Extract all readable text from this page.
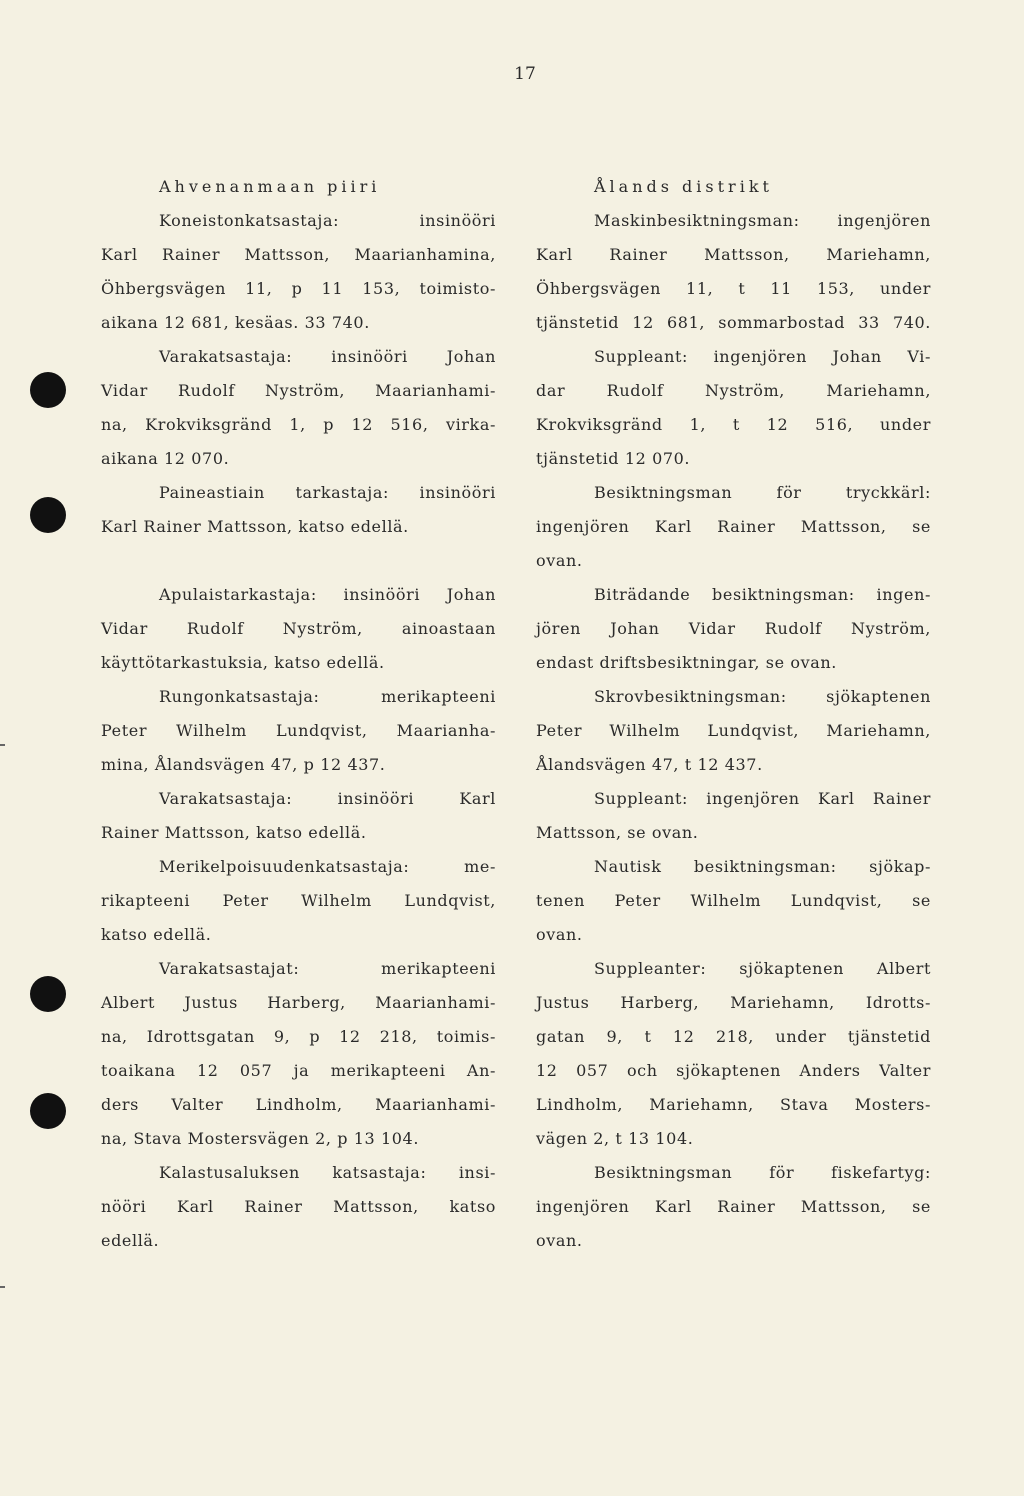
17
Ahvenanmaan piiri
Koneistonkatsastaja: insinööri
Karl Rainer Mattsson, Maarianhamina,
Öhbergsvägen 11, p 11 153, toimisto-
aikana 12 681, kesäas. 33 740.
Varakatsastaja: insinööri Johan
Vidar Rudolf Nyström, Maarianhami-
na, Krokviksgränd 1, p 12 516, virka-
aikana 12 070.
Paineastiain tarkastaja: insinööri
Karl Rainer Mattsson, katso edellä.
Apulaistarkastaja: insinööri Johan
Vidar Rudolf Nyström, ainoastaan
käyttötarkastuksia, katso edellä.
Rungonkatsastaja: merikapteeni
Peter Wilhelm Lundqvist, Maarianha-
mina, Ålandsvägen 47, p 12 437.
Varakatsastaja: insinööri Karl
Rainer Mattsson, katso edellä.
Merikelpoisuudenkatsastaja: me-
rikapteeni Peter Wilhelm Lundqvist,
katso edellä.
Varakatsastajat: merikapteeni
Albert Justus Harberg, Maarianhami-
na, Idrottsgatan 9, p 12 218, toimis-
toaikana 12 057 ja merikapteeni An-
ders Valter Lindholm, Maarianhami-
na, Stava Mostersvägen 2, p 13 104.
Kalastusaluksen katsastaja: insi-
nööri Karl Rainer Mattsson, katso
edellä.
Ålands distrikt
Maskinbesiktningsman: ingenjören
Karl Rainer Mattsson, Mariehamn,
Öhbergsvägen 11, t 11 153, under
tjänstetid 12 681, sommarbostad 33 740.
Suppleant: ingenjören Johan Vi-
dar Rudolf Nyström, Mariehamn,
Krokviksgränd 1, t 12 516, under
tjänstetid 12 070.
Besiktningsman för tryckkärl:
ingenjören Karl Rainer Mattsson, se
ovan.
Biträdande besiktningsman: ingen-
jören Johan Vidar Rudolf Nyström,
endast driftsbesiktningar, se ovan.
Skrovbesiktningsman: sjökaptenen
Peter Wilhelm Lundqvist, Mariehamn,
Ålandsvägen 47, t 12 437.
Suppleant: ingenjören Karl Rainer
Mattsson, se ovan.
Nautisk besiktningsman: sjökap-
tenen Peter Wilhelm Lundqvist, se
ovan.
Suppleanter: sjökaptenen Albert
Justus Harberg, Mariehamn, Idrotts-
gatan 9, t 12 218, under tjänstetid
12 057 och sjökaptenen Anders Valter
Lindholm, Mariehamn, Stava Mosters-
vägen 2, t 13 104.
Besiktningsman för fiskefartyg:
ingenjören Karl Rainer Mattsson, se
ovan.
